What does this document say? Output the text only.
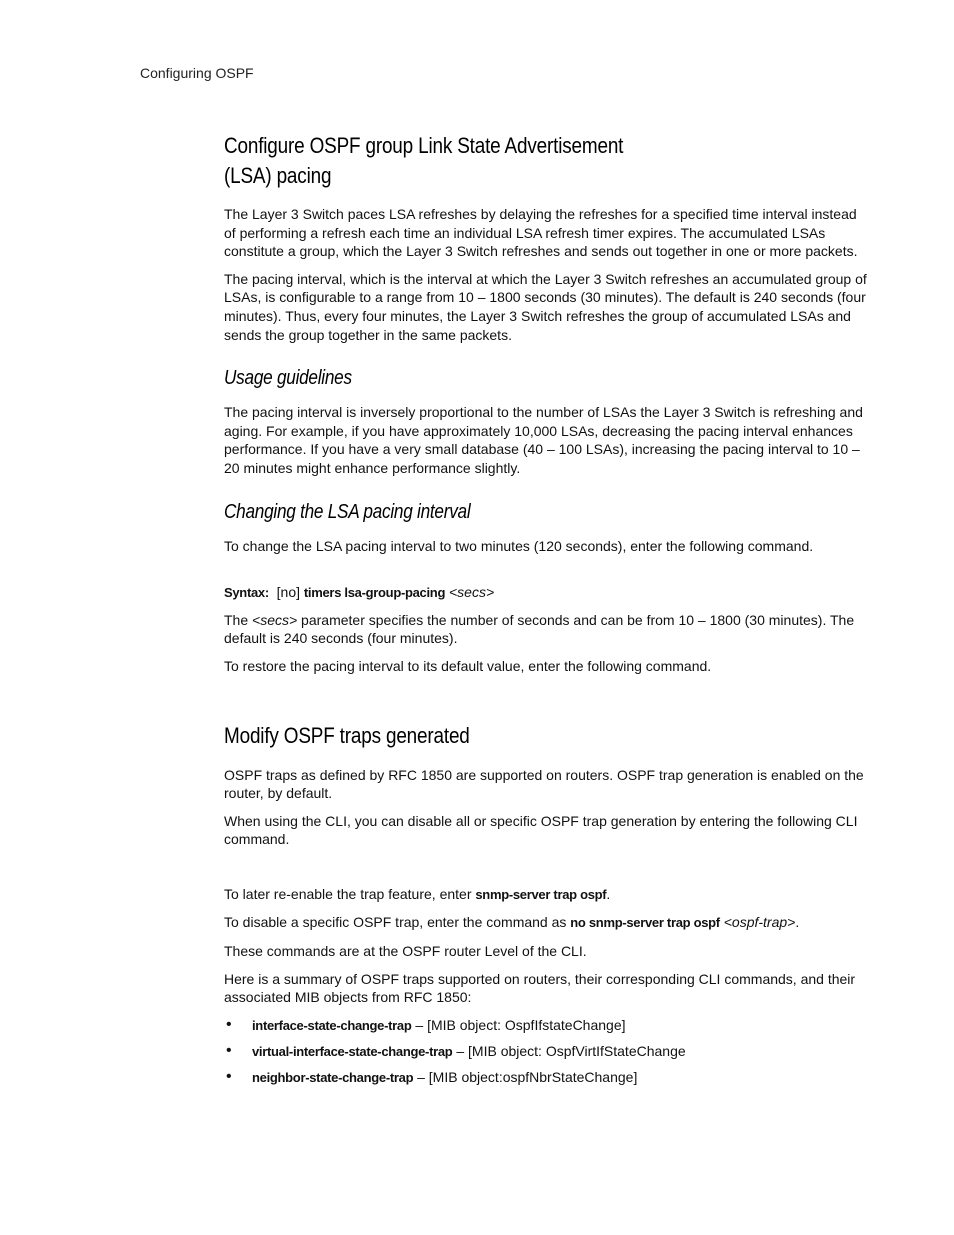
Configuring OSPF
Configure OSPF group Link State Advertisement
(LSA) pacing

The Layer 3 Switch paces LSA refreshes by delaying the refreshes for a specified time interval instead of performing a refresh each time an individual LSA refresh timer expires. The accumulated LSAs constitute a group, which the Layer 3 Switch refreshes and sends out together in one or more packets.

The pacing interval, which is the interval at which the Layer 3 Switch refreshes an accumulated group of LSAs, is configurable to a range from 10 – 1800 seconds (30 minutes). The default is 240 seconds (four minutes). Thus, every four minutes, the Layer 3 Switch refreshes the group of accumulated LSAs and sends the group together in the same packets.

Usage guidelines

The pacing interval is inversely proportional to the number of LSAs the Layer 3 Switch is refreshing and aging. For example, if you have approximately 10,000 LSAs, decreasing the pacing interval enhances performance. If you have a very small database (40 – 100 LSAs), increasing the pacing interval to 10 – 20 minutes might enhance performance slightly.

Changing the LSA pacing interval

To change the LSA pacing interval to two minutes (120 seconds), enter the following command.

Syntax: [no] timers lsa-group-pacing <secs>

The <secs> parameter specifies the number of seconds and can be from 10 – 1800 (30 minutes). The default is 240 seconds (four minutes).

To restore the pacing interval to its default value, enter the following command.

Modify OSPF traps generated

OSPF traps as defined by RFC 1850 are supported on routers. OSPF trap generation is enabled on the router, by default.

When using the CLI, you can disable all or specific OSPF trap generation by entering the following CLI command.

To later re-enable the trap feature, enter snmp-server trap ospf.

To disable a specific OSPF trap, enter the command as no snmp-server trap ospf <ospf-trap>.

These commands are at the OSPF router Level of the CLI.

Here is a summary of OSPF traps supported on routers, their corresponding CLI commands, and their associated MIB objects from RFC 1850:

• interface-state-change-trap – [MIB object: OspfIfstateChange]
• virtual-interface-state-change-trap – [MIB object: OspfVirtIfStateChange
• neighbor-state-change-trap – [MIB object:ospfNbrStateChange]
